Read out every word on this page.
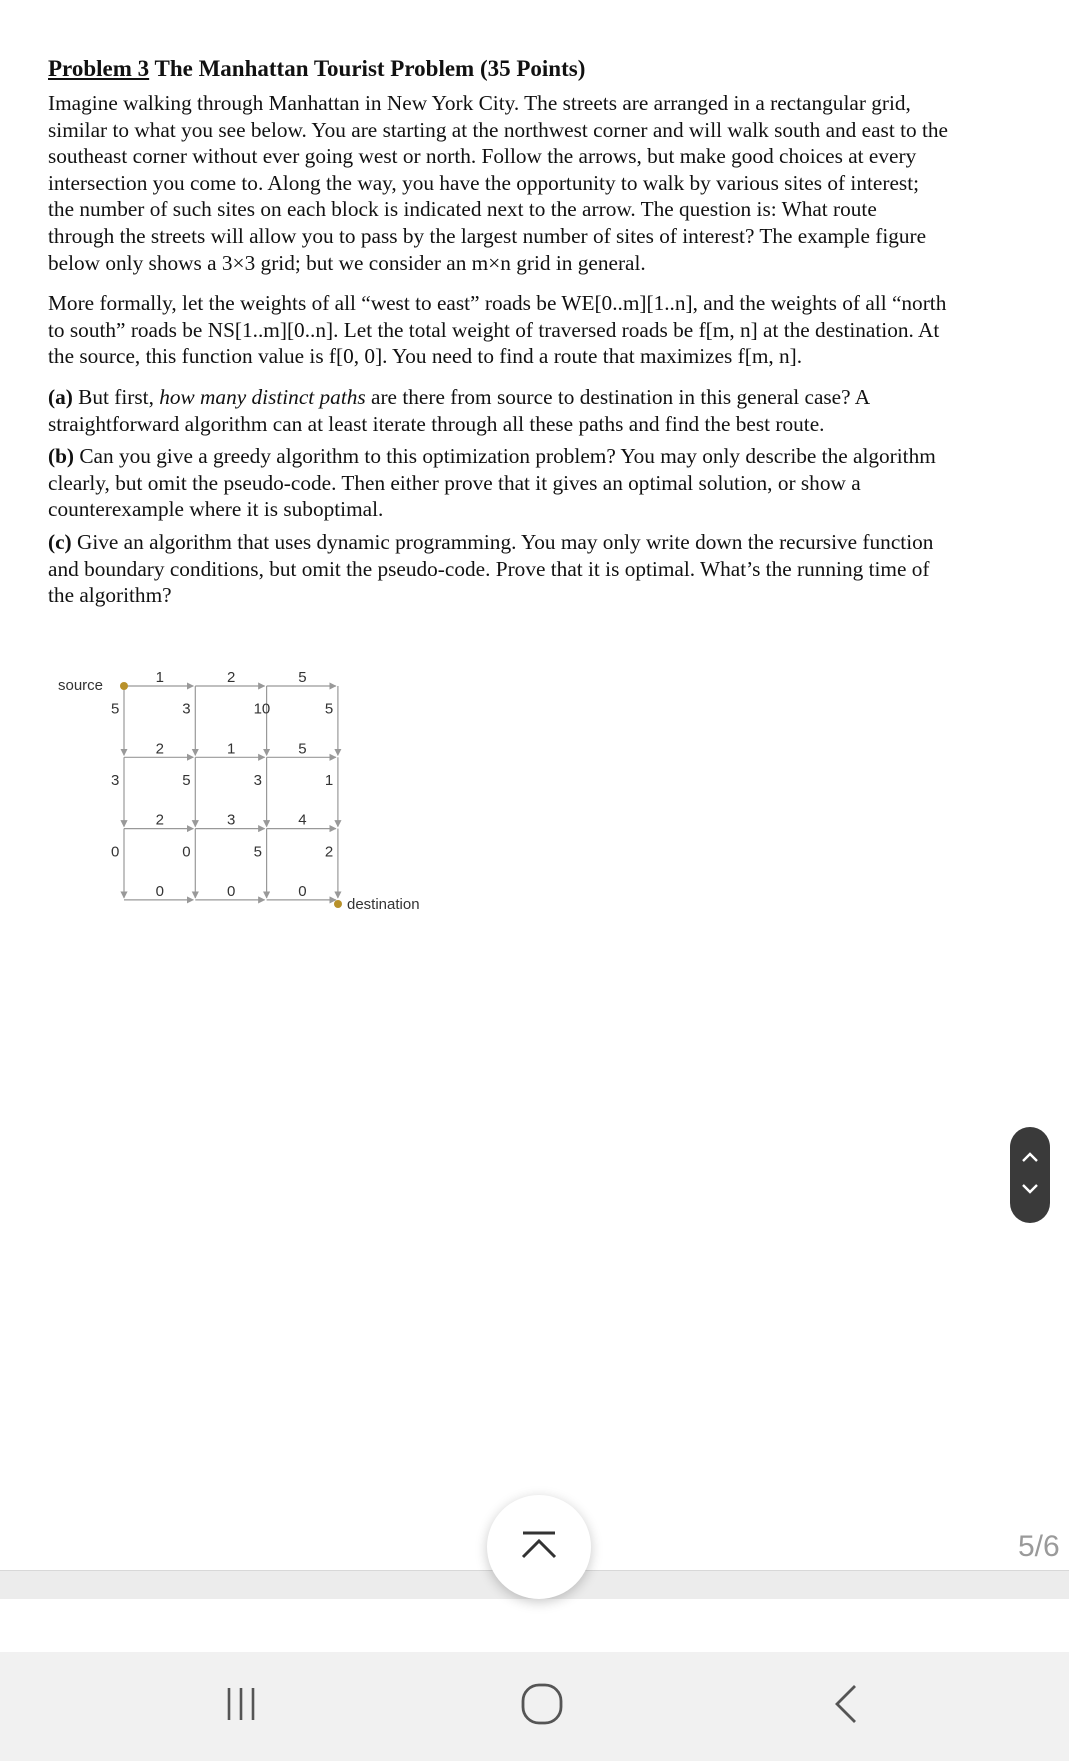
Problem 3 The Manhattan Tourist Problem (35 Points)

Imagine walking through Manhattan in New York City. The streets are arranged in a rectangular grid, similar to what you see below. You are starting at the northwest corner and will walk south and east to the southeast corner without ever going west or north. Follow the arrows, but make good choices at every intersection you come to. Along the way, you have the opportunity to walk by various sites of interest; the number of such sites on each block is indicated next to the arrow. The question is: What route through the streets will allow you to pass by the largest number of sites of interest? The example figure below only shows a 3×3 grid; but we consider an m×n grid in general.

More formally, let the weights of all “west to east” roads be WE[0..m][1..n], and the weights of all “north to south” roads be NS[1..m][0..n]. Let the total weight of traversed roads be f[m, n] at the destination. At the source, this function value is f[0, 0]. You need to find a route that maximizes f[m, n].

(a) But first, how many distinct paths are there from source to destination in this general case? A straightforward algorithm can at least iterate through all these paths and find the best route.

(b) Can you give a greedy algorithm to this optimization problem? You may only describe the algorithm clearly, but omit the pseudo-code. Then either prove that it gives an optimal solution, or show a counterexample where it is suboptimal.

(c) Give an algorithm that uses dynamic programming. You may only write down the recursive function and boundary conditions, but omit the pseudo-code. Prove that it is optimal. What’s the running time of the algorithm?

1	2	5
2	1	5
2	3	4
0	0	0
5	3	10	5
3	5	3	1
0	0	5	2
source
destination
5/6
